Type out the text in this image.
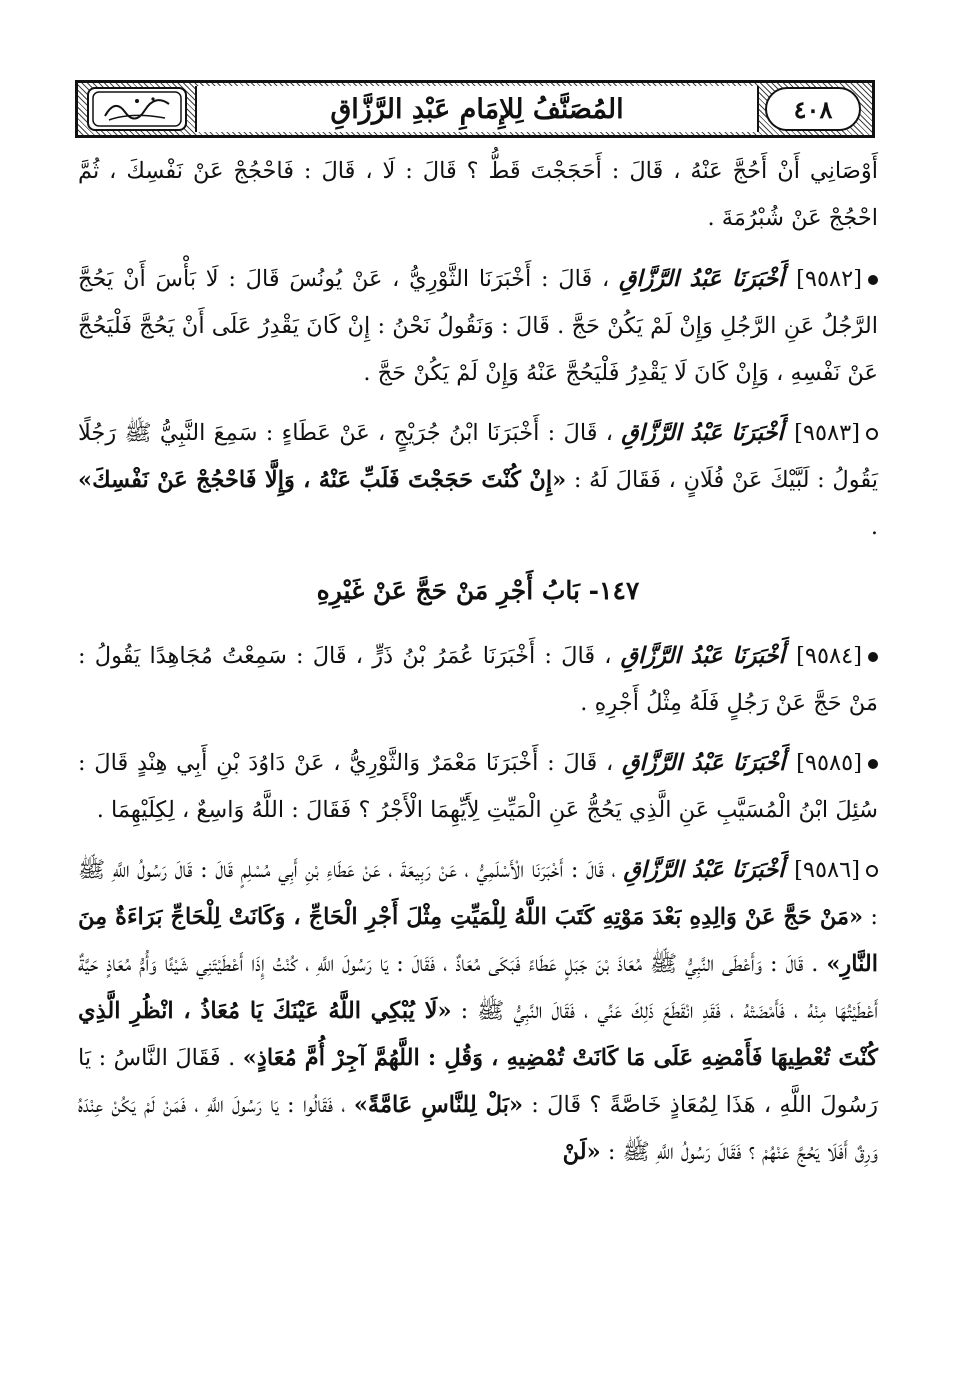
٤٠٨
المُصَنَّفُ لِلإِمَامِ عَبْدِ الرَّزَّاقِ

أَوْصَانِي أَنْ أَحُجَّ عَنْهُ ، قَالَ : أَحَجَجْتَ قَطُّ ؟ قَالَ : لَا ، قَالَ : فَاحْجُجْ عَنْ نَفْسِكَ ، ثُمَّ احْجُجْ عَنْ شُبْرُمَةَ .

[٩٥٨٢] أَخْبَرَنَا عَبْدُ الرَّزَّاقِ ، قَالَ : أَخْبَرَنَا الثَّوْرِيُّ ، عَنْ يُونُسَ قَالَ : لَا بَأْسَ أَنْ يَحُجَّ الرَّجُلُ عَنِ الرَّجُلِ وَإِنْ لَمْ يَكُنْ حَجَّ . قَالَ : وَنَقُولُ نَحْنُ : إِنْ كَانَ يَقْدِرُ عَلَى أَنْ يَحُجَّ فَلْيَحُجَّ عَنْ نَفْسِهِ ، وَإِنْ كَانَ لَا يَقْدِرُ فَلْيَحُجَّ عَنْهُ وَإِنْ لَمْ يَكُنْ حَجَّ .

[٩٥٨٣] أَخْبَرَنَا عَبْدُ الرَّزَّاقِ ، قَالَ : أَخْبَرَنَا ابْنُ جُرَيْجٍ ، عَنْ عَطَاءٍ : سَمِعَ النَّبِيُّ ﷺ رَجُلًا يَقُولُ : لَبَّيْكَ عَنْ فُلَانٍ ، فَقَالَ لَهُ : «إِنْ كُنْتَ حَجَجْتَ فَلَبِّ عَنْهُ ، وَإِلَّا فَاحْجُجْ عَنْ نَفْسِكَ» .

١٤٧- بَابُ أَجْرِ مَنْ حَجَّ عَنْ غَيْرِهِ

[٩٥٨٤] أَخْبَرَنَا عَبْدُ الرَّزَّاقِ ، قَالَ : أَخْبَرَنَا عُمَرُ بْنُ ذَرٍّ ، قَالَ : سَمِعْتُ مُجَاهِدًا يَقُولُ : مَنْ حَجَّ عَنْ رَجُلٍ فَلَهُ مِثْلُ أَجْرِهِ .

[٩٥٨٥] أَخْبَرَنَا عَبْدُ الرَّزَّاقِ ، قَالَ : أَخْبَرَنَا مَعْمَرٌ وَالثَّوْرِيُّ ، عَنْ دَاوُدَ بْنِ أَبِي هِنْدٍ قَالَ : سُئِلَ ابْنُ الْمُسَيَّبِ عَنِ الَّذِي يَحُجُّ عَنِ الْمَيِّتِ لِأَيِّهِمَا الْأَجْرُ ؟ فَقَالَ : اللَّهُ وَاسِعٌ ، لِكِلَيْهِمَا .

[٩٥٨٦] أَخْبَرَنَا عَبْدُ الرَّزَّاقِ ، قَالَ : أَخْبَرَنَا الْأَسْلَمِيُّ ، عَنْ رَبِيعَةَ ، عَنْ عَطَاءِ بْنِ أَبِي مُسْلِمٍ قَالَ : قَالَ رَسُولُ اللَّهِ ﷺ : «مَنْ حَجَّ عَنْ وَالِدِهِ بَعْدَ مَوْتِهِ كَتَبَ اللَّهُ لِلْمَيِّتِ مِثْلَ أَجْرِ الْحَاجِّ ، وَكَانَتْ لِلْحَاجِّ بَرَاءَةٌ مِنَ النَّارِ» . قَالَ : وَأَعْطَى النَّبِيُّ ﷺ مُعَاذَ بْنَ جَبَلٍ عَطَاءً فَبَكَى مُعَاذٌ ، فَقَالَ : يَا رَسُولَ اللَّهِ ، كُنْتُ إِذَا أَعْطَيْتَنِي شَيْئًا وَأُمُّ مُعَاذٍ حَيَّةٌ أَعْطَيْتُهَا مِنْهُ ، فَأَمْضَتْهُ ، فَقَدِ انْقَطَعَ ذَلِكَ عَنِّي ، فَقَالَ النَّبِيُّ ﷺ : «لَا يُبْكِي اللَّهُ عَيْنَكَ يَا مُعَاذُ ، انْظُرِ الَّذِي كُنْتَ تُعْطِيهَا فَأَمْضِهِ عَلَى مَا كَانَتْ تُمْضِيهِ ، وَقُلِ : اللَّهُمَّ آجِرْ أُمَّ مُعَاذٍ» . فَقَالَ النَّاسُ : يَا رَسُولَ اللَّهِ ، هَذَا لِمُعَاذٍ خَاصَّةً ؟ قَالَ : «بَلْ لِلنَّاسِ عَامَّةً» ، فَقَالُوا : يَا رَسُولَ اللَّهِ ، فَمَنْ لَمْ يَكُنْ عِنْدَهُ وَرِقٌ أَفَلَا يَحُجَّ عَنْهُمْ ؟ فَقَالَ رَسُولُ اللَّهِ ﷺ : «لَنْ
